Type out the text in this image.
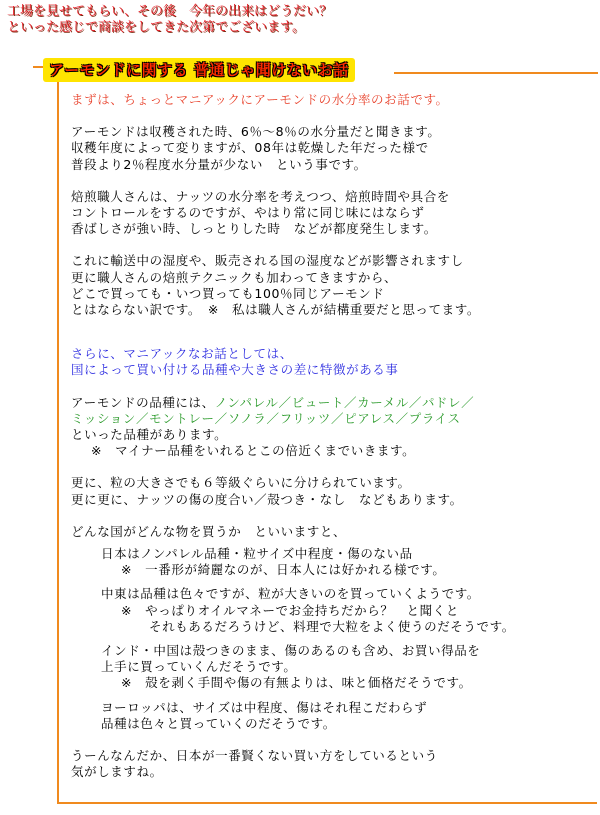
工場を見せてもらい、その後　今年の出来はどうだい？
といった感じで商談をしてきた次第でございます。
アーモンドに関する 普通じゃ聞けないお話

まずは、ちょっとマニアックにアーモンドの水分率のお話です。

アーモンドは収穫された時、6％～8％の水分量だと聞きます。

収穫年度によって変りますが、08年は乾燥した年だった様で

普段より2％程度水分量が少ない　という事です。

焙煎職人さんは、ナッツの水分率を考えつつ、焙煎時間や具合を

コントロールをするのですが、やはり常に同じ味にはならず

香ばしさが強い時、しっとりした時　などが都度発生します。

これに輸送中の湿度や、販売される国の湿度などが影響されますし

更に職人さんの焙煎テクニックも加わってきますから、

どこで買っても・いつ買っても100％同じアーモンド

とはならない訳です。　※　私は職人さんが結構重要だと思ってます。

さらに、マニアックなお話としては、

国によって買い付ける品種や大きさの差に特徴がある事

アーモンドの品種には、ノンパレル／ビュート／カーメル／パドレ／

ミッション／モントレー／ソノラ／フリッツ／ピアレス／プライス

といった品種があります。

※　マイナー品種をいれるとこの倍近くまでいきます。

更に、粒の大きさでも６等級ぐらいに分けられています。

更に更に、ナッツの傷の度合い／殻つき・なし　などもあります。

どんな国がどんな物を買うか　といいますと、

日本はノンパレル品種・粒サイズ中程度・傷のない品

※　一番形が綺麗なのが、日本人には好かれる様です。

中東は品種は色々ですが、粒が大きいのを買っていくようです。

※　やっぱりオイルマネーでお金持ちだから？　と聞くと

それもあるだろうけど、料理で大粒をよく使うのだそうです。

インド・中国は殻つきのまま、傷のあるのも含め、お買い得品を

上手に買っていくんだそうです。

※　殻を剥く手間や傷の有無よりは、味と価格だそうです。

ヨーロッパは、サイズは中程度、傷はそれ程こだわらず

品種は色々と買っていくのだそうです。

うーんなんだか、日本が一番賢くない買い方をしているという

気がしますね。
